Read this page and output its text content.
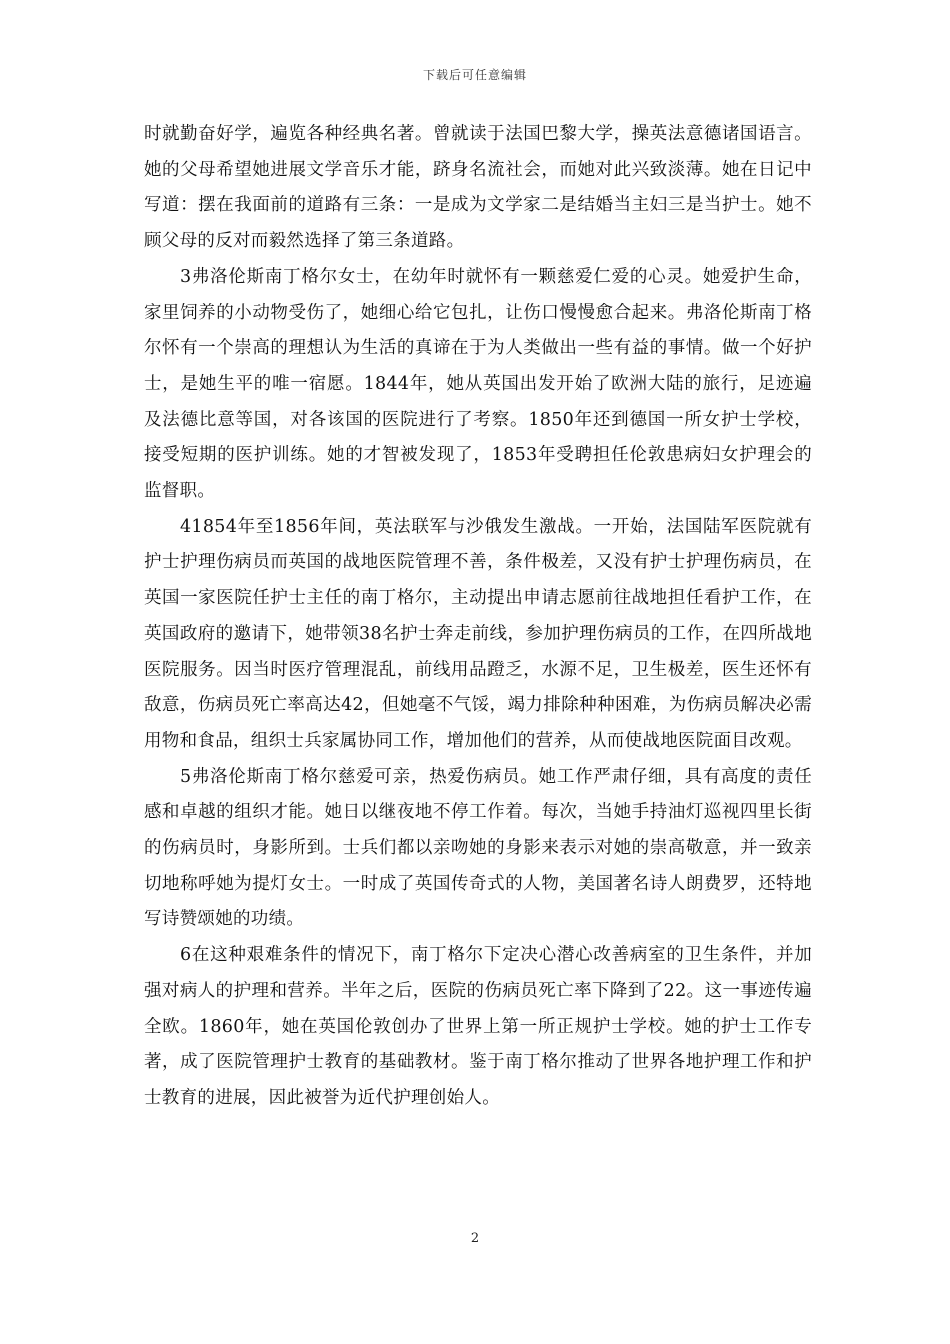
下载后可任意编辑

时就勤奋好学，遍览各种经典名著。曾就读于法国巴黎大学，操英法意德诸国语言。她的父母希望她进展文学音乐才能，跻身名流社会，而她对此兴致淡薄。她在日记中写道：摆在我面前的道路有三条：一是成为文学家二是结婚当主妇三是当护士。她不顾父母的反对而毅然选择了第三条道路。

3弗洛伦斯南丁格尔女士，在幼年时就怀有一颗慈爱仁爱的心灵。她爱护生命，家里饲养的小动物受伤了，她细心给它包扎，让伤口慢慢愈合起来。弗洛伦斯南丁格尔怀有一个崇高的理想认为生活的真谛在于为人类做出一些有益的事情。做一个好护士，是她生平的唯一宿愿。1844年，她从英国出发开始了欧洲大陆的旅行，足迹遍及法德比意等国，对各该国的医院进行了考察。1850年还到德国一所女护士学校，接受短期的医护训练。她的才智被发现了，1853年受聘担任伦敦患病妇女护理会的监督职。

41854年至1856年间，英法联军与沙俄发生激战。一开始，法国陆军医院就有护士护理伤病员而英国的战地医院管理不善，条件极差，又没有护士护理伤病员，在英国一家医院任护士主任的南丁格尔，主动提出申请志愿前往战地担任看护工作，在英国政府的邀请下，她带领38名护士奔走前线，参加护理伤病员的工作，在四所战地医院服务。因当时医疗管理混乱，前线用品蹬乏，水源不足，卫生极差，医生还怀有敌意，伤病员死亡率高达42，但她毫不气馁，竭力排除种种困难，为伤病员解决必需用物和食品，组织士兵家属协同工作，增加他们的营养，从而使战地医院面目改观。

5弗洛伦斯南丁格尔慈爱可亲，热爱伤病员。她工作严肃仔细，具有高度的责任感和卓越的组织才能。她日以继夜地不停工作着。每次，当她手持油灯巡视四里长街的伤病员时，身影所到。士兵们都以亲吻她的身影来表示对她的崇高敬意，并一致亲切地称呼她为提灯女士。一时成了英国传奇式的人物，美国著名诗人朗费罗，还特地写诗赞颂她的功绩。

6在这种艰难条件的情况下，南丁格尔下定决心潜心改善病室的卫生条件，并加强对病人的护理和营养。半年之后，医院的伤病员死亡率下降到了22。这一事迹传遍全欧。1860年，她在英国伦敦创办了世界上第一所正规护士学校。她的护士工作专著，成了医院管理护士教育的基础教材。鉴于南丁格尔推动了世界各地护理工作和护士教育的进展，因此被誉为近代护理创始人。

2
